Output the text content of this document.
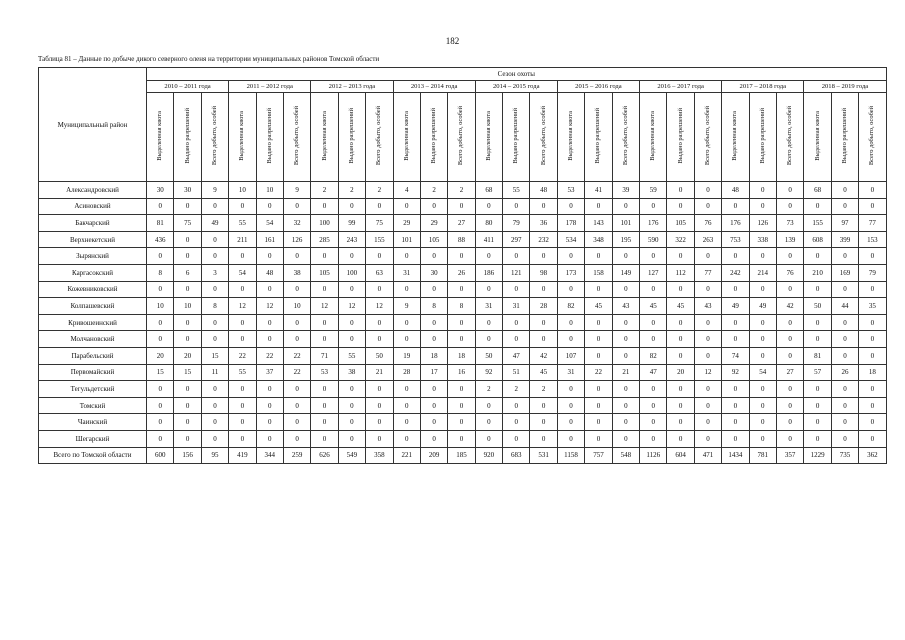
182
Таблица 81 – Данные по добыче дикого северного оленя на территории муниципальных районов Томской области
Муниципальный район	Сезон охоты																										
	2010 – 2011 года			2011 – 2012 года			2012 – 2013 года			2013 – 2014 года			2014 – 2015 года			2015 – 2016 года			2016 – 2017 года			2017 – 2018 года			2018 – 2019 года		
	Выделенная квота	Выдано разрешений	Всего добыто, особей	Выделенная квота	Выдано разрешений	Всего добыто, особей	Выделенная квота	Выдано разрешений	Всего добыто, особей	Выделенная квота	Выдано разрешений	Всего добыто, особей	Выделенная квота	Выдано разрешений	Всего добыто, особей	Выделенная квота	Выдано разрешений	Всего добыто, особей	Выделенная квота	Выдано разрешений	Всего добыто, особей	Выделенная квота	Выдано разрешений	Всего добыто, особей	Выделенная квота	Выдано разрешений	Всего добыто, особей
Александровский	30	30	9	10	10	9	2	2	2	4	2	2	68	55	48	53	41	39	59	0	0	48	0	0	68	0	0
Асиновский	0	0	0	0	0	0	0	0	0	0	0	0	0	0	0	0	0	0	0	0	0	0	0	0	0	0	0
Бакчарский	81	75	49	55	54	32	100	99	75	29	29	27	80	79	36	178	143	101	176	105	76	176	126	73	155	97	77
Верхнекетский	436	0	0	211	161	126	285	243	155	101	105	88	411	297	232	534	348	195	590	322	263	753	338	139	608	399	153
Зырянский	0	0	0	0	0	0	0	0	0	0	0	0	0	0	0	0	0	0	0	0	0	0	0	0	0	0	0
Каргасокский	8	6	3	54	48	38	105	100	63	31	30	26	186	121	98	173	158	149	127	112	77	242	214	76	210	169	79
Кожевниковский	0	0	0	0	0	0	0	0	0	0	0	0	0	0	0	0	0	0	0	0	0	0	0	0	0	0	0
Колпашевский	10	10	8	12	12	10	12	12	12	9	8	8	31	31	28	82	45	43	45	45	43	49	49	42	50	44	35
Кривошеинский	0	0	0	0	0	0	0	0	0	0	0	0	0	0	0	0	0	0	0	0	0	0	0	0	0	0	0
Молчановский	0	0	0	0	0	0	0	0	0	0	0	0	0	0	0	0	0	0	0	0	0	0	0	0	0	0	0
Парабельский	20	20	15	22	22	22	71	55	50	19	18	18	50	47	42	107	0	0	82	0	0	74	0	0	81	0	0
Первомайский	15	15	11	55	37	22	53	38	21	28	17	16	92	51	45	31	22	21	47	20	12	92	54	27	57	26	18
Тегульдетский	0	0	0	0	0	0	0	0	0	0	0	0	2	2	2	0	0	0	0	0	0	0	0	0	0	0	0
Томский	0	0	0	0	0	0	0	0	0	0	0	0	0	0	0	0	0	0	0	0	0	0	0	0	0	0	0
Чаинский	0	0	0	0	0	0	0	0	0	0	0	0	0	0	0	0	0	0	0	0	0	0	0	0	0	0	0
Шегарский	0	0	0	0	0	0	0	0	0	0	0	0	0	0	0	0	0	0	0	0	0	0	0	0	0	0	0
Всего по Томской области	600	156	95	419	344	259	626	549	358	221	209	185	920	683	531	1158	757	548	1126	604	471	1434	781	357	1229	735	362
